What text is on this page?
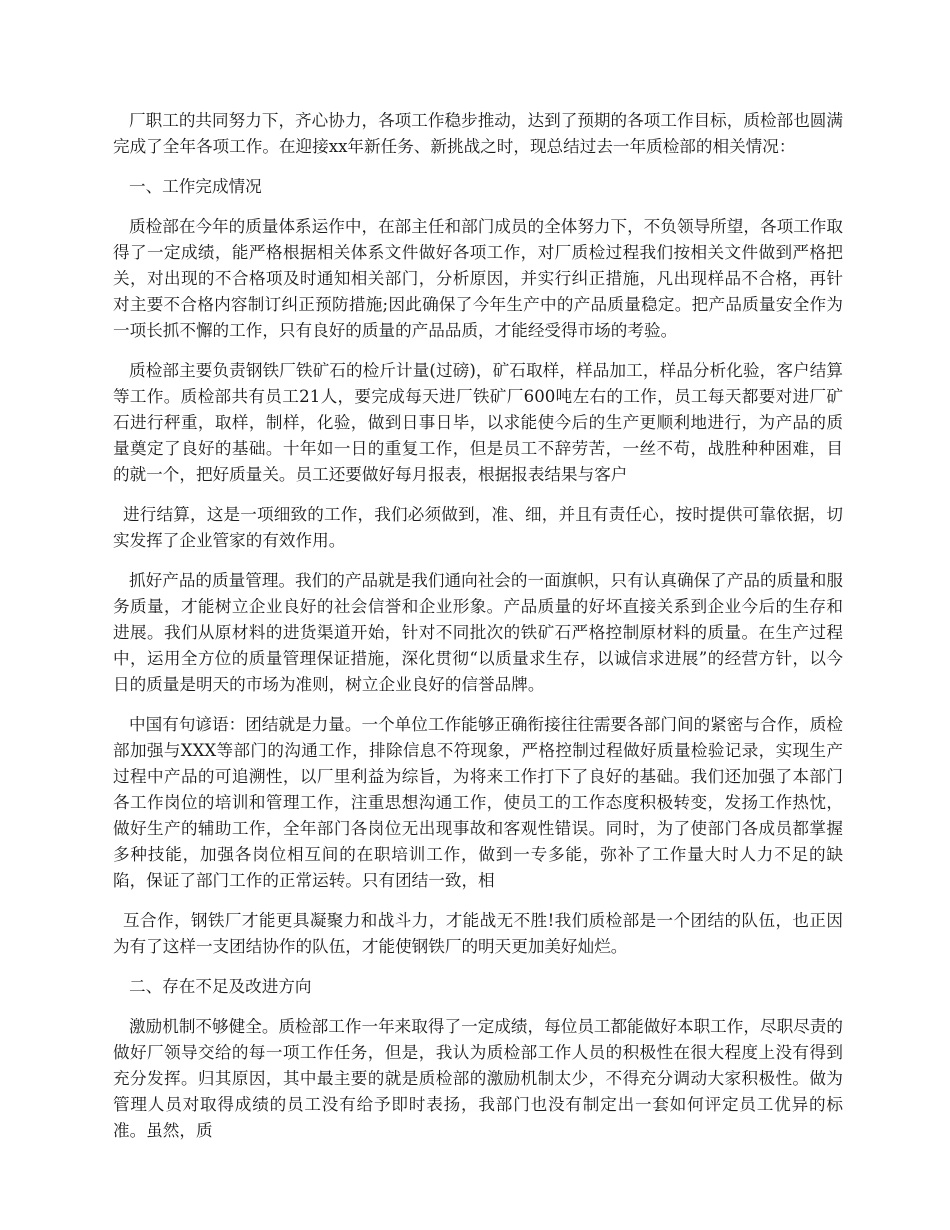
厂职工的共同努力下，齐心协力，各项工作稳步推动，达到了预期的各项工作目标，质检部也圆满完成了全年各项工作。在迎接xx年新任务、新挑战之时，现总结过去一年质检部的相关情况：

一、工作完成情况

质检部在今年的质量体系运作中，在部主任和部门成员的全体努力下，不负领导所望，各项工作取得了一定成绩，能严格根据相关体系文件做好各项工作，对厂质检过程我们按相关文件做到严格把关，对出现的不合格项及时通知相关部门，分析原因，并实行纠正措施，凡出现样品不合格，再针对主要不合格内容制订纠正预防措施;因此确保了今年生产中的产品质量稳定。把产品质量安全作为一项长抓不懈的工作，只有良好的质量的产品品质，才能经受得市场的考验。

质检部主要负责钢铁厂铁矿石的检斤计量(过磅)，矿石取样，样品加工，样品分析化验，客户结算等工作。质检部共有员工21人，要完成每天进厂铁矿厂600吨左右的工作，员工每天都要对进厂矿石进行秤重，取样，制样，化验，做到日事日毕，以求能使今后的生产更顺利地进行，为产品的质量奠定了良好的基础。十年如一日的重复工作，但是员工不辞劳苦，一丝不苟，战胜种种困难，目的就一个，把好质量关。员工还要做好每月报表，根据报表结果与客户

进行结算，这是一项细致的工作，我们必须做到，准、细，并且有责任心，按时提供可靠依据，切实发挥了企业管家的有效作用。

抓好产品的质量管理。我们的产品就是我们通向社会的一面旗帜，只有认真确保了产品的质量和服务质量，才能树立企业良好的社会信誉和企业形象。产品质量的好坏直接关系到企业今后的生存和进展。我们从原材料的进货渠道开始，针对不同批次的铁矿石严格控制原材料的质量。在生产过程中，运用全方位的质量管理保证措施，深化贯彻“以质量求生存，以诚信求进展”的经营方针，以今日的质量是明天的市场为准则，树立企业良好的信誉品牌。

中国有句谚语：团结就是力量。一个单位工作能够正确衔接往往需要各部门间的紧密与合作，质检部加强与XXX等部门的沟通工作，排除信息不符现象，严格控制过程做好质量检验记录，实现生产过程中产品的可追溯性，以厂里利益为综旨，为将来工作打下了良好的基础。我们还加强了本部门各工作岗位的培训和管理工作，注重思想沟通工作，使员工的工作态度积极转变，发扬工作热忱，做好生产的辅助工作，全年部门各岗位无出现事故和客观性错误。同时，为了使部门各成员都掌握多种技能，加强各岗位相互间的在职培训工作，做到一专多能，弥补了工作量大时人力不足的缺陷，保证了部门工作的正常运转。只有团结一致，相

互合作，钢铁厂才能更具凝聚力和战斗力，才能战无不胜!我们质检部是一个团结的队伍，也正因为有了这样一支团结协作的队伍，才能使钢铁厂的明天更加美好灿烂。

二、存在不足及改进方向

激励机制不够健全。质检部工作一年来取得了一定成绩，每位员工都能做好本职工作，尽职尽责的做好厂领导交给的每一项工作任务，但是，我认为质检部工作人员的积极性在很大程度上没有得到充分发挥。归其原因，其中最主要的就是质检部的激励机制太少，不得充分调动大家积极性。做为管理人员对取得成绩的员工没有给予即时表扬，我部门也没有制定出一套如何评定员工优异的标准。虽然，质
